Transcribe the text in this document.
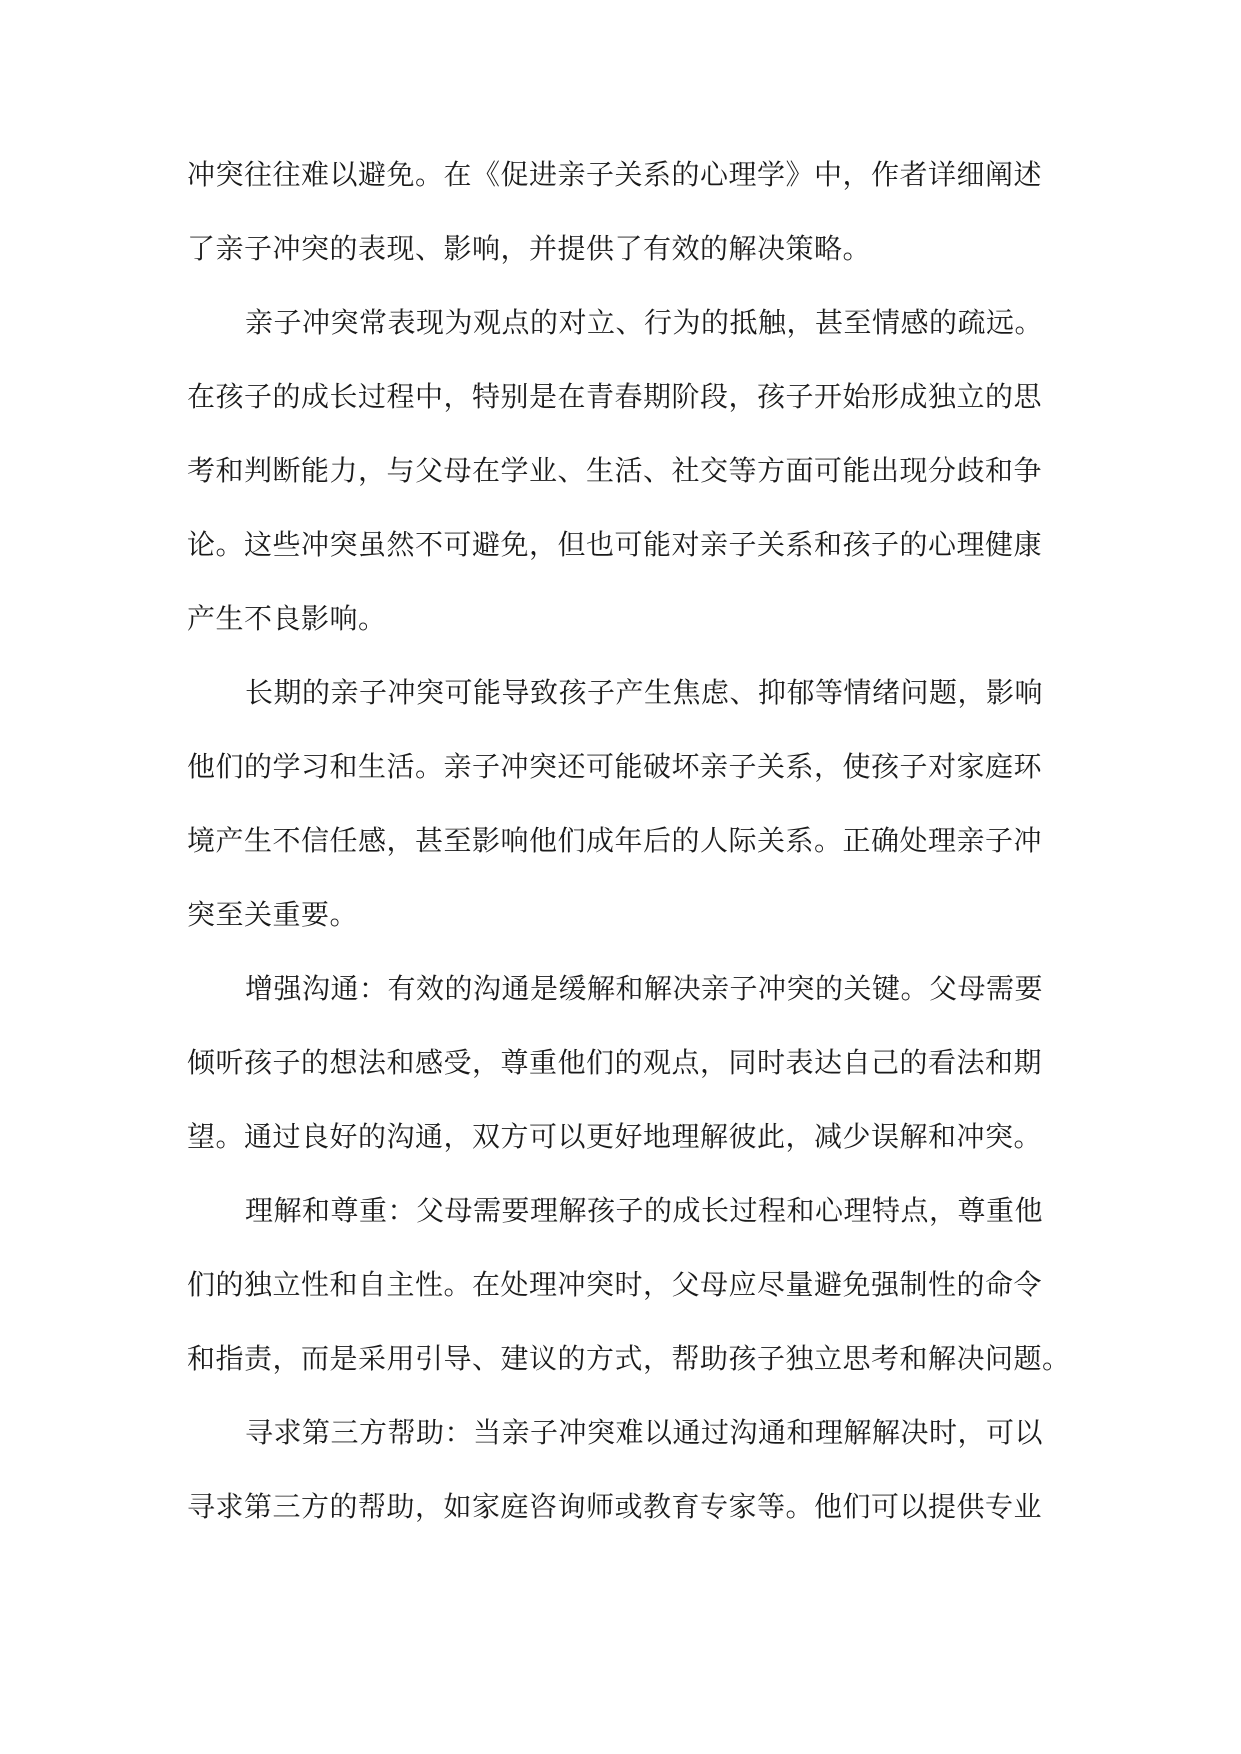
冲突往往难以避免。在《促进亲子关系的心理学》中，作者详细阐述
了亲子冲突的表现、影响，并提供了有效的解决策略。
亲子冲突常表现为观点的对立、行为的抵触，甚至情感的疏远。
在孩子的成长过程中，特别是在青春期阶段，孩子开始形成独立的思
考和判断能力，与父母在学业、生活、社交等方面可能出现分歧和争
论。这些冲突虽然不可避免，但也可能对亲子关系和孩子的心理健康
产生不良影响。
长期的亲子冲突可能导致孩子产生焦虑、抑郁等情绪问题，影响
他们的学习和生活。亲子冲突还可能破坏亲子关系，使孩子对家庭环
境产生不信任感，甚至影响他们成年后的人际关系。正确处理亲子冲
突至关重要。
增强沟通：有效的沟通是缓解和解决亲子冲突的关键。父母需要
倾听孩子的想法和感受，尊重他们的观点，同时表达自己的看法和期
望。通过良好的沟通，双方可以更好地理解彼此，减少误解和冲突。
理解和尊重：父母需要理解孩子的成长过程和心理特点，尊重他
们的独立性和自主性。在处理冲突时，父母应尽量避免强制性的命令
和指责，而是采用引导、建议的方式，帮助孩子独立思考和解决问题。
寻求第三方帮助：当亲子冲突难以通过沟通和理解解决时，可以
寻求第三方的帮助，如家庭咨询师或教育专家等。他们可以提供专业
